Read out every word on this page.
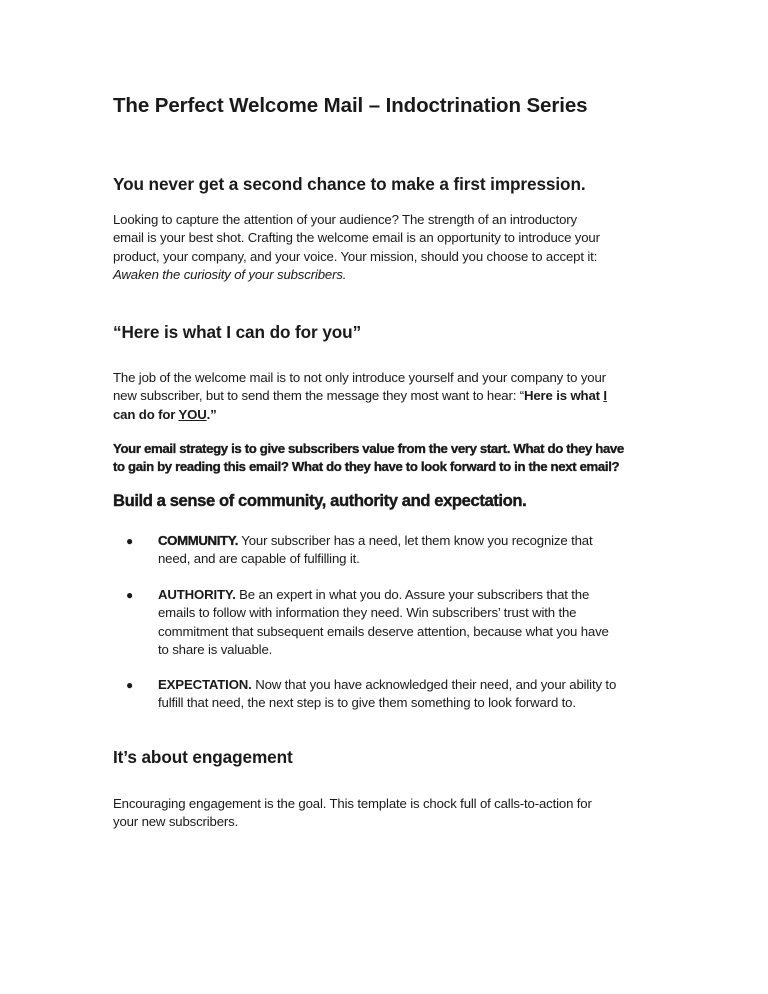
The Perfect Welcome Mail – Indoctrination Series
You never get a second chance to make a first impression.
Looking to capture the attention of your audience? The strength of an introductory
email is your best shot. Crafting the welcome email is an opportunity to introduce your
product, your company, and your voice. Your mission, should you choose to accept it:
Awaken the curiosity of your subscribers.
“Here is what I can do for you”
The job of the welcome mail is to not only introduce yourself and your company to your
new subscriber, but to send them the message they most want to hear: “Here is what I
can do for YOU.”
Your email strategy is to give subscribers value from the very start. What do they have
to gain by reading this email? What do they have to look forward to in the next email?
Build a sense of community, authority and expectation.
● COMMUNITY. Your subscriber has a need, let them know you recognize that
need, and are capable of fulfilling it.
● AUTHORITY. Be an expert in what you do. Assure your subscribers that the
emails to follow with information they need. Win subscribers’ trust with the
commitment that subsequent emails deserve attention, because what you have
to share is valuable.
● EXPECTATION. Now that you have acknowledged their need, and your ability to
fulfill that need, the next step is to give them something to look forward to.
It’s about engagement
Encouraging engagement is the goal. This template is chock full of calls-to-action for
your new subscribers.
